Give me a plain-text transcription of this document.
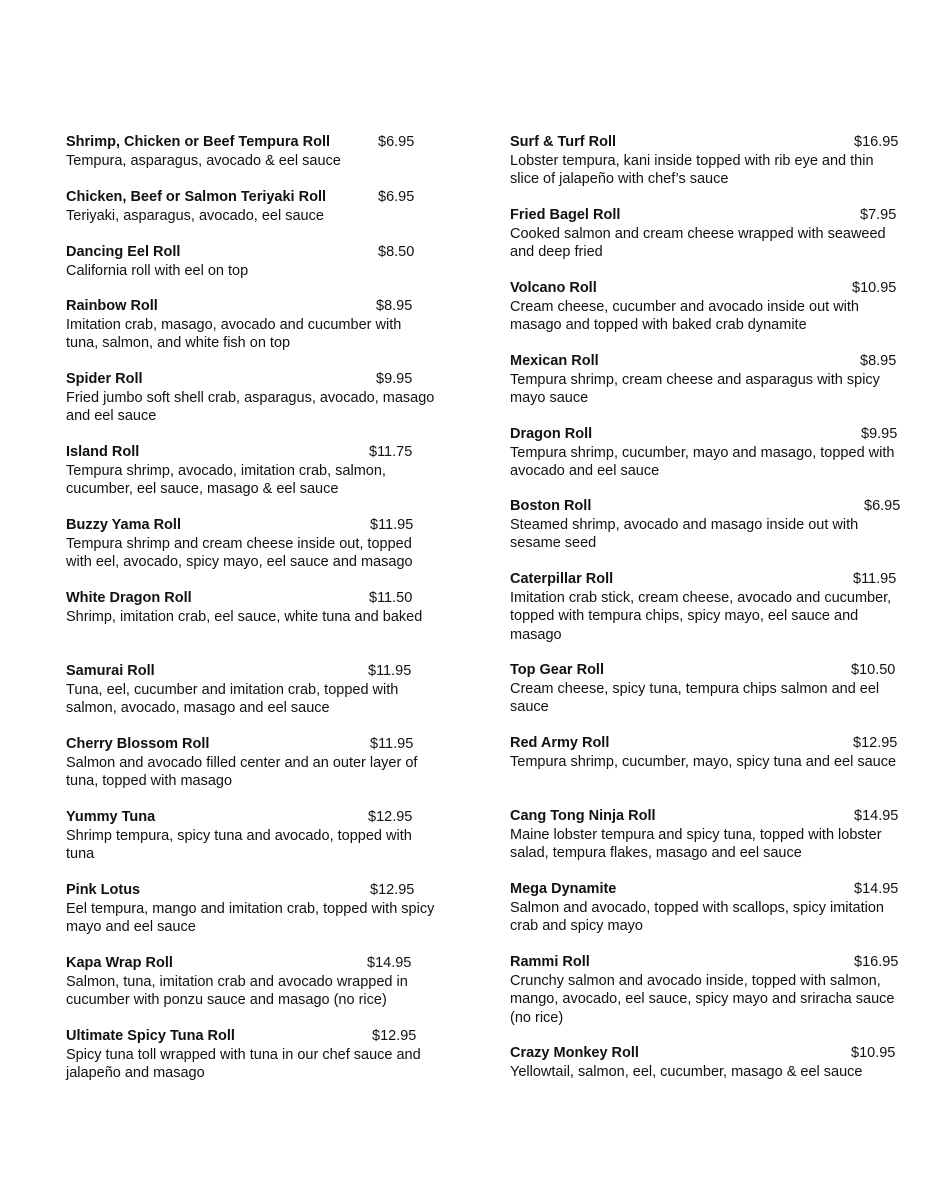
Shrimp, Chicken or Beef Tempura Roll	$6.95
Tempura, asparagus, avocado & eel sauce
Chicken, Beef or Salmon Teriyaki Roll	$6.95
Teriyaki, asparagus, avocado, eel sauce
Dancing Eel Roll	$8.50
California roll with eel on top
Rainbow Roll	$8.95
Imitation crab, masago, avocado and cucumber with tuna, salmon, and white fish on top
Spider Roll	$9.95
Fried jumbo soft shell crab, asparagus, avocado, masago and eel sauce
Island Roll	$11.75
Tempura shrimp, avocado, imitation crab, salmon, cucumber, eel sauce, masago & eel sauce
Buzzy Yama Roll	$11.95
Tempura shrimp and cream cheese inside out, topped with eel, avocado, spicy mayo, eel sauce and masago
White Dragon Roll	$11.50
Shrimp, imitation crab, eel sauce, white tuna and baked
Samurai Roll	$11.95
Tuna, eel, cucumber and imitation crab, topped with salmon, avocado, masago and eel sauce
Cherry Blossom Roll	$11.95
Salmon and avocado filled center and an outer layer of tuna, topped with masago
Yummy Tuna	$12.95
Shrimp tempura, spicy tuna and avocado, topped with tuna
Pink Lotus	$12.95
Eel tempura, mango and imitation crab, topped with spicy mayo and eel sauce
Kapa Wrap Roll	$14.95
Salmon, tuna, imitation crab and avocado wrapped in cucumber with ponzu sauce and masago (no rice)
Ultimate Spicy Tuna Roll	$12.95
Spicy tuna toll wrapped with tuna in our chef sauce and jalapeño and masago
Surf & Turf Roll	$16.95
Lobster tempura, kani inside topped with rib eye and thin slice of jalapeño with chef’s sauce
Fried Bagel Roll	$7.95
Cooked salmon and cream cheese wrapped with seaweed and deep fried
Volcano Roll	$10.95
Cream cheese, cucumber and avocado inside out with masago and topped with baked crab dynamite
Mexican Roll	$8.95
Tempura shrimp, cream cheese and asparagus with spicy mayo sauce
Dragon Roll	$9.95
Tempura shrimp, cucumber, mayo and masago, topped with avocado and eel sauce
Boston Roll	$6.95
Steamed shrimp, avocado and masago inside out with sesame seed
Caterpillar Roll	$11.95
Imitation crab stick, cream cheese, avocado and cucumber, topped with tempura chips, spicy mayo, eel sauce and masago
Top Gear Roll	$10.50
Cream cheese, spicy tuna, tempura chips salmon and eel sauce
Red Army Roll	$12.95
Tempura shrimp, cucumber, mayo, spicy tuna and eel sauce
Cang Tong Ninja Roll	$14.95
Maine lobster tempura and spicy tuna, topped with lobster salad, tempura flakes, masago and eel sauce
Mega Dynamite	$14.95
Salmon and avocado, topped with scallops, spicy imitation crab and spicy mayo
Rammi Roll	$16.95
Crunchy salmon and avocado inside, topped with salmon, mango, avocado, eel sauce, spicy mayo and sriracha sauce (no rice)
Crazy Monkey Roll	$10.95
Yellowtail, salmon, eel, cucumber, masago & eel sauce
